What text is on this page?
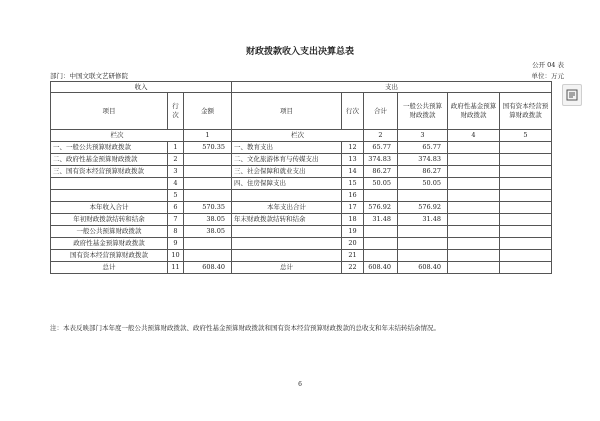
财政拨款收入支出决算总表
公开 04 表
部门：中国文联文艺研修院	单位：万元
收入			支出					
项目	行次	金额	项目	行次	合计	一般公共预算财政拨款	政府性基金预算财政拨款	国有资本经营预算财政拨款
栏次		1	栏次		2	3	4	5
一、一般公共预算财政拨款	1	570.35	一、教育支出	12	65.77	65.77		
二、政府性基金预算财政拨款	2		二、文化旅游体育与传媒支出	13	374.83	374.83		
三、国有资本经营预算财政拨款	3		三、社会保障和就业支出	14	86.27	86.27		
	4		四、住房保障支出	15	50.05	50.05		
	5			16				
本年收入合计	6	570.35	本年支出合计	17	576.92	576.92		
年初财政拨款结转和结余	7	38.05	年末财政拨款结转和结余	18	31.48	31.48		
一般公共预算财政拨款	8	38.05		19				
政府性基金预算财政拨款	9			20				
国有资本经营预算财政拨款	10			21				
总计	11	608.40	总计	22	608.40	608.40		
注：本表反映部门本年度一般公共预算财政拨款、政府性基金预算财政拨款和国有资本经营预算财政拨款的总收支和年末结转结余情况。
6
